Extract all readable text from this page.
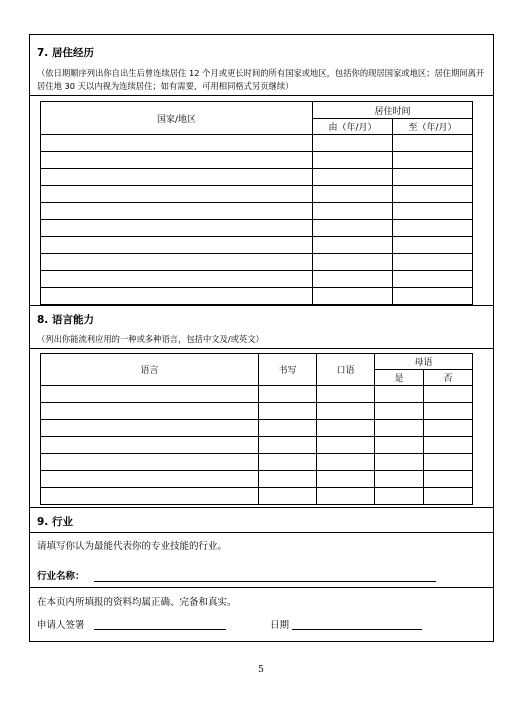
7. 居住经历
（依日期顺序列出你自出生后曾连续居住 12 个月或更长时间的所有国家或地区，包括你的现居国家或地区；居住期间离开居住地 30 天以内视为连续居住；如有需要，可用相同格式另页继续）
国家/地区	居住时间	
	由（年/月）	至（年/月）

8. 语言能力
（列出你能流利应用的一种或多种语言，包括中文及/或英文）
语言	书写	口语	母语	
			是	否

9. 行业
请填写你认为最能代表你的专业技能的行业。
行业名称：
在本页内所填报的资料均属正确、完备和真实。
申请人签署	日期
5
